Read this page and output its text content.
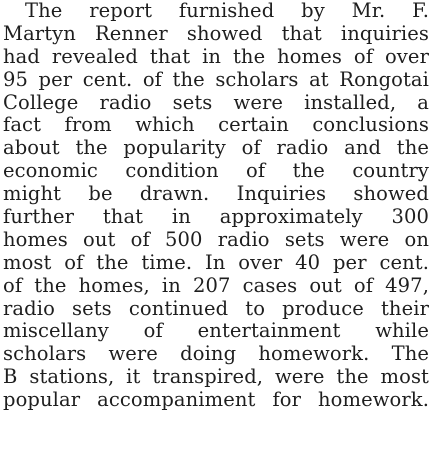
The report furnished by Mr. F.
Martyn Renner showed that inquiries
had revealed that in the homes of over
95 per cent. of the scholars at Rongotai
College radio sets were installed, a
fact from which certain conclusions
about the popularity of radio and the
economic condition of the country
might be drawn. Inquiries showed
further that in approximately 300
homes out of 500 radio sets were on
most of the time. In over 40 per cent.
of the homes, in 207 cases out of 497,
radio sets continued to produce their
miscellany of entertainment while
scholars were doing homework. The
B stations, it transpired, were the most
popular accompaniment for homework.
